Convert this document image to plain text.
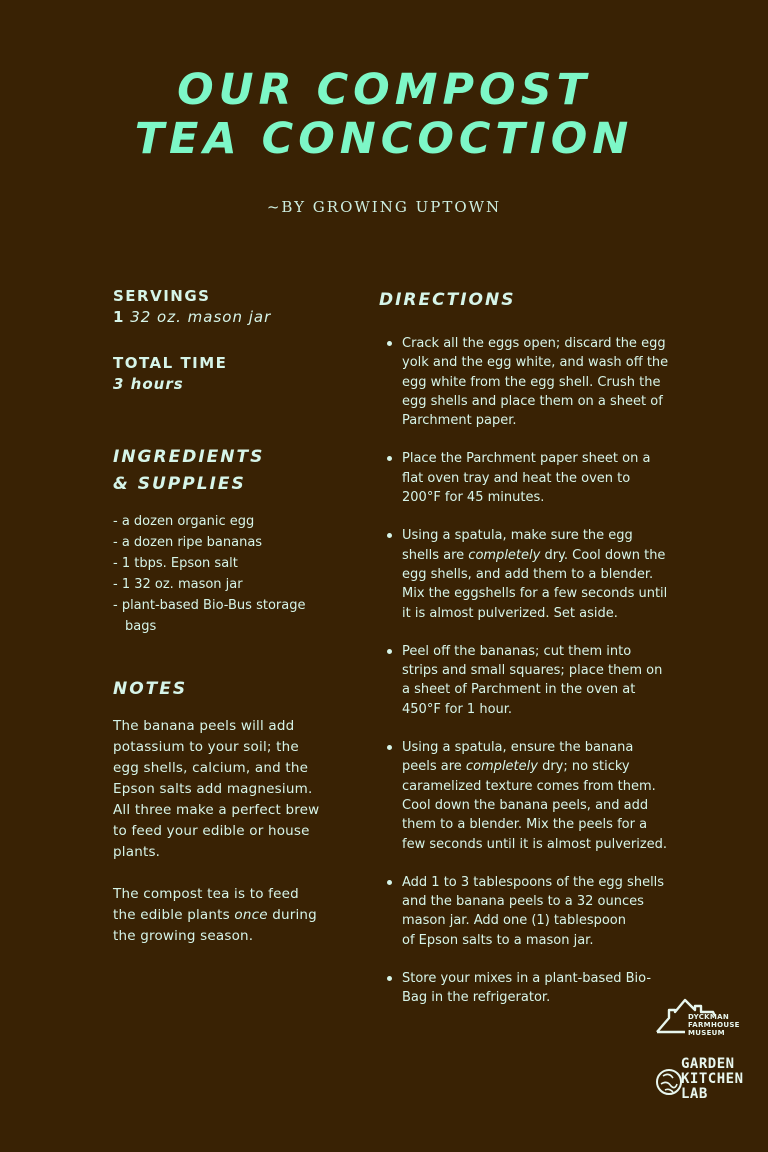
OUR COMPOST
TEA CONCOCTION
~BY GROWING UPTOWN
SERVINGS
1 32 oz. mason jar
TOTAL TIME
3 hours
INGREDIENTS
& SUPPLIES
- a dozen organic egg
- a dozen ripe bananas
- 1 tbps. Epson salt
- 1 32 oz. mason jar
- plant-based Bio-Bus storage bags
NOTES

The banana peels will add potassium to your soil; the egg shells, calcium, and the Epson salts add magnesium. All three make a perfect brew to feed your edible or house plants.

The compost tea is to feed the edible plants once during the growing season.

DIRECTIONS
Crack all the eggs open; discard the egg yolk and the egg white, and wash off the egg white from the egg shell. Crush the egg shells and place them on a sheet of Parchment paper.
Place the Parchment paper sheet on a flat oven tray and heat the oven to 200°F for 45 minutes.
Using a spatula, make sure the egg shells are completely dry. Cool down the egg shells, and add them to a blender. Mix the eggshells for a few seconds until it is almost pulverized. Set aside.
Peel off the bananas; cut them into strips and small squares; place them on a sheet of Parchment in the oven at 450°F for 1 hour.
Using a spatula, ensure the banana peels are completely dry; no sticky caramelized texture comes from them. Cool down the banana peels, and add them to a blender. Mix the peels for a few seconds until it is almost pulverized.
Add 1 to 3 tablespoons of the egg shells and the banana peels to a 32 ounces mason jar. Add one (1) tablespoon
of Epson salts to a mason jar.
Store your mixes in a plant-based Bio-Bag in the refrigerator.
DYCKMAN
FARMHOUSE
MUSEUM
GARDEN
KITCHEN
LAB
